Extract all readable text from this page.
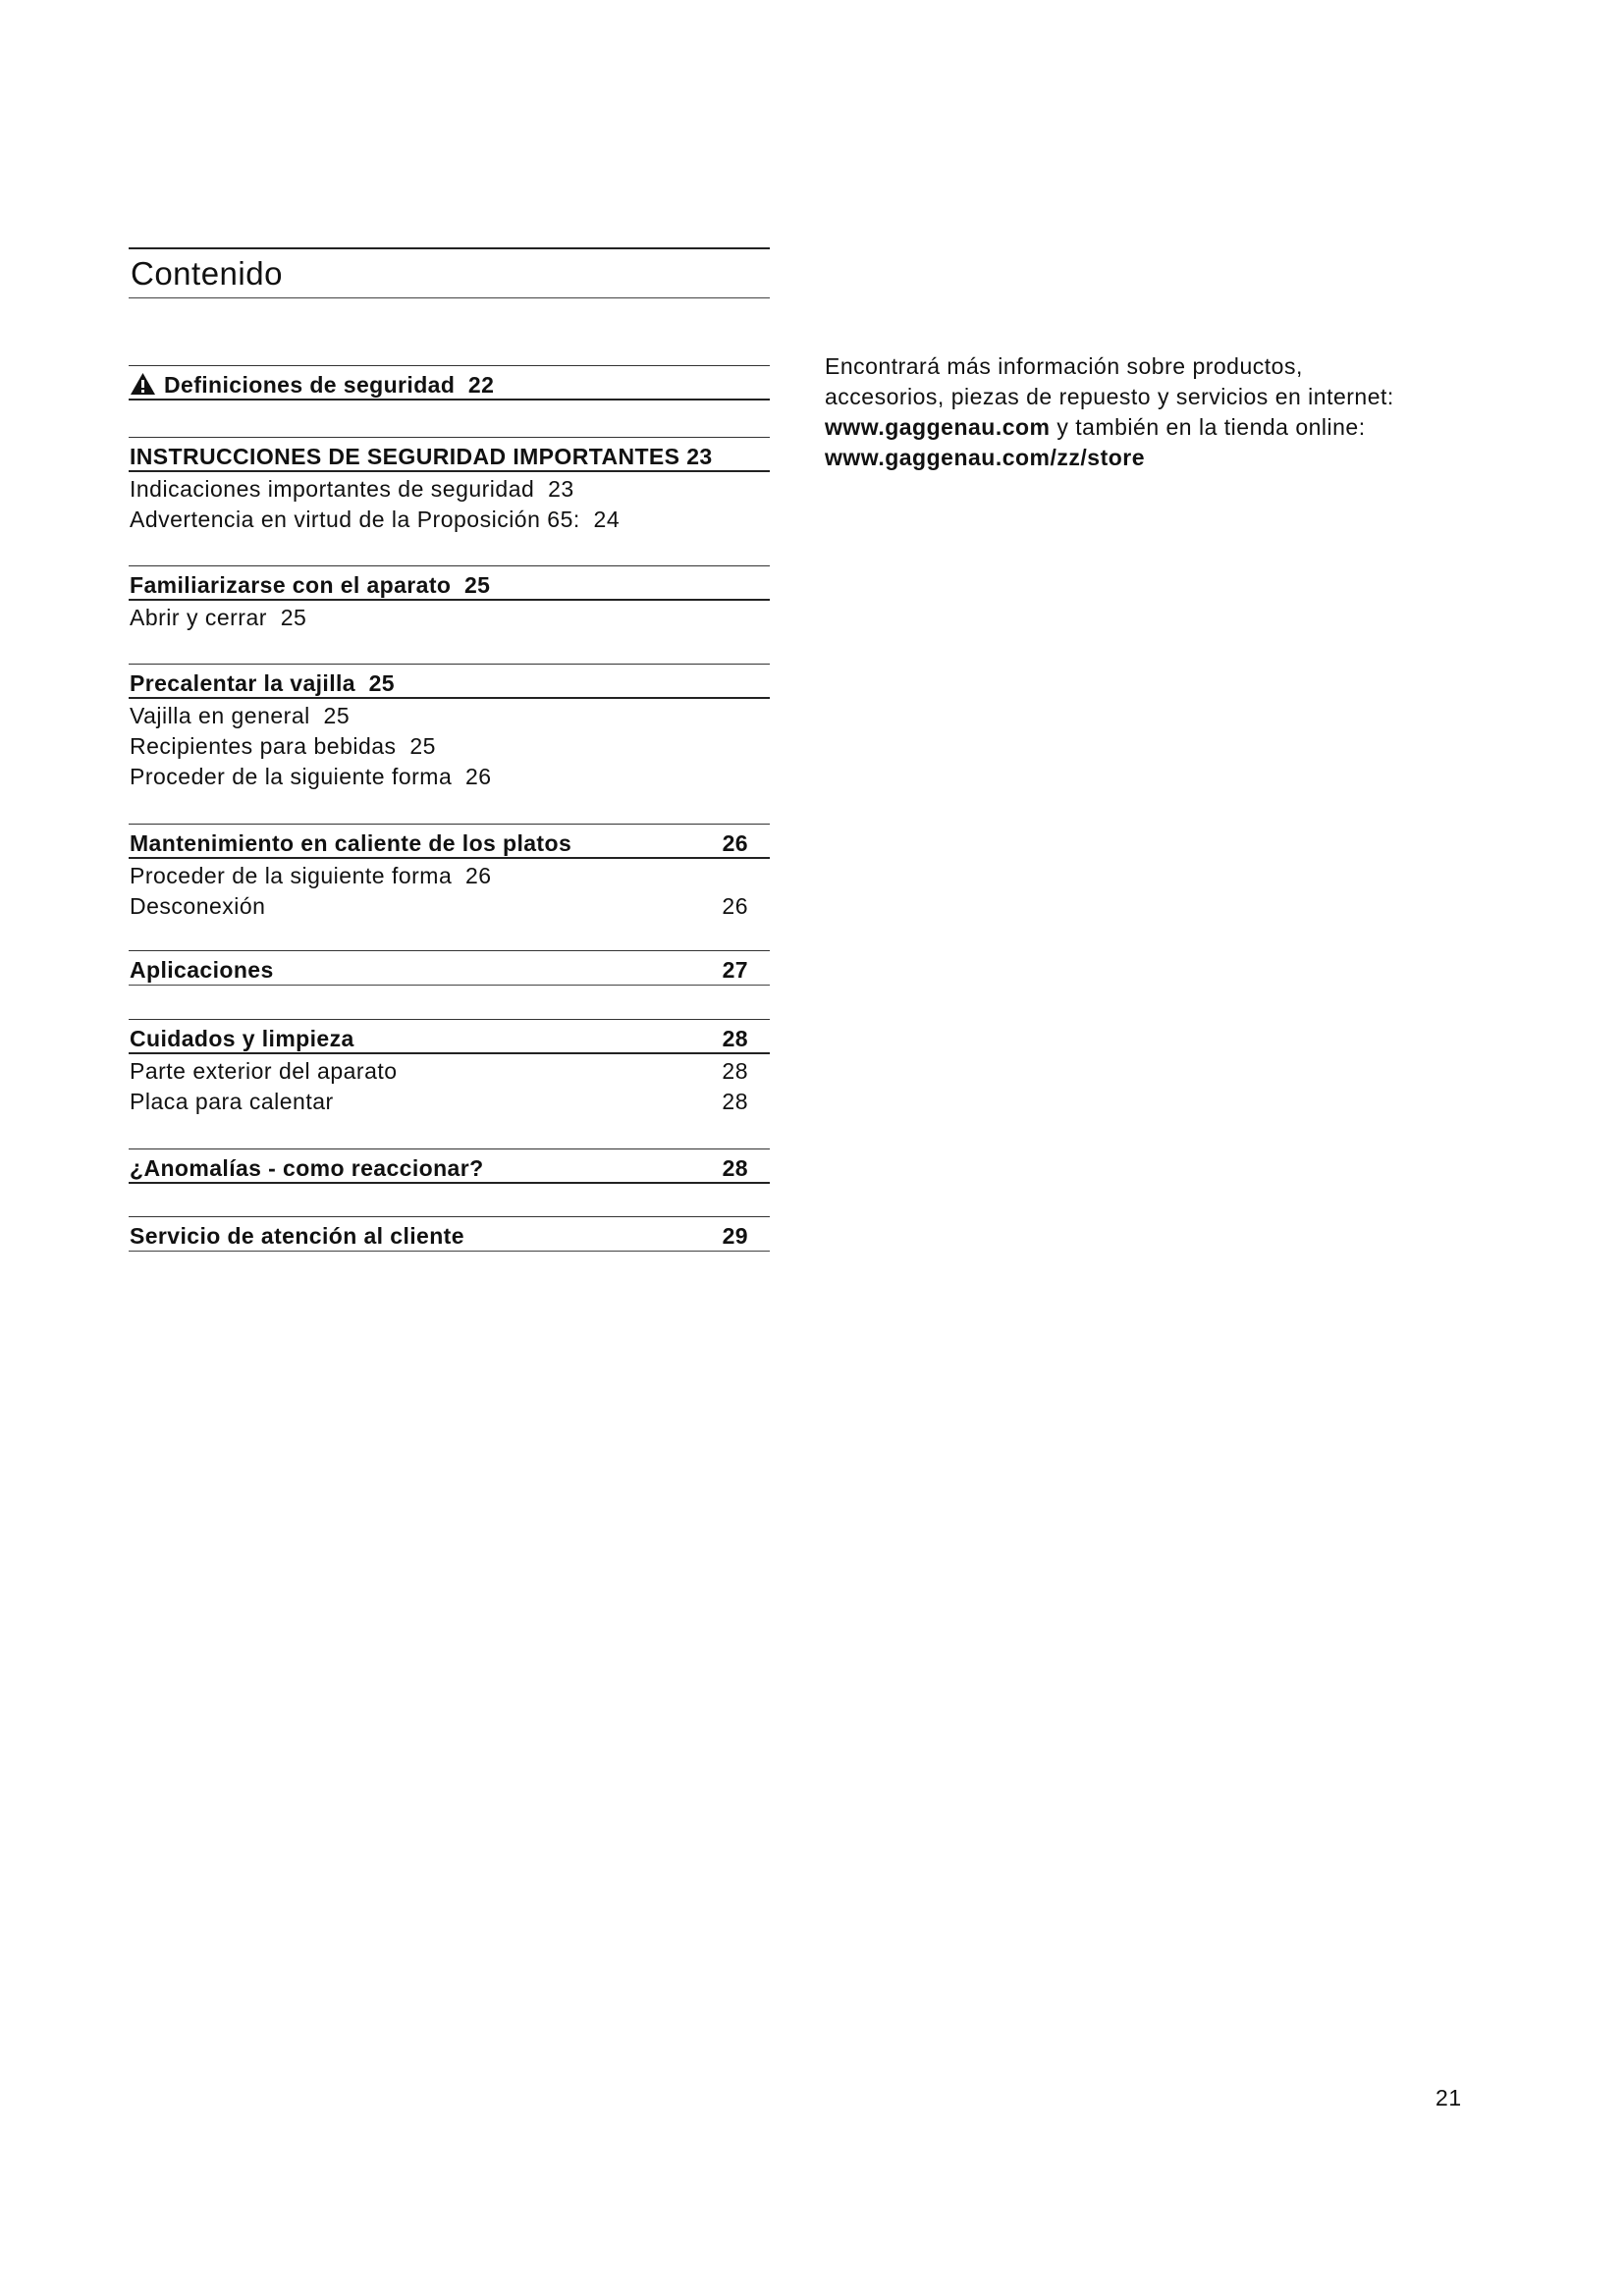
Contenido
Definiciones de seguridad 22
INSTRUCCIONES DE SEGURIDAD IMPORTANTES 23
Indicaciones importantes de seguridad 23
Advertencia en virtud de la Proposición 65: 24
Familiarizarse con el aparato 25
Abrir y cerrar 25
Precalentar la vajilla 25
Vajilla en general 25
Recipientes para bebidas 25
Proceder de la siguiente forma 26
Mantenimiento en caliente de los platos	26
Proceder de la siguiente forma 26
Desconexión	26
Aplicaciones	27
Cuidados y limpieza	28
Parte exterior del aparato	28
Placa para calentar	28
¿Anomalías - como reaccionar?	28
Servicio de atención al cliente	29
Encontrará más información sobre productos,
accesorios, piezas de repuesto y servicios en internet:
www.gaggenau.com y también en la tienda online:
www.gaggenau.com/zz/store
21
